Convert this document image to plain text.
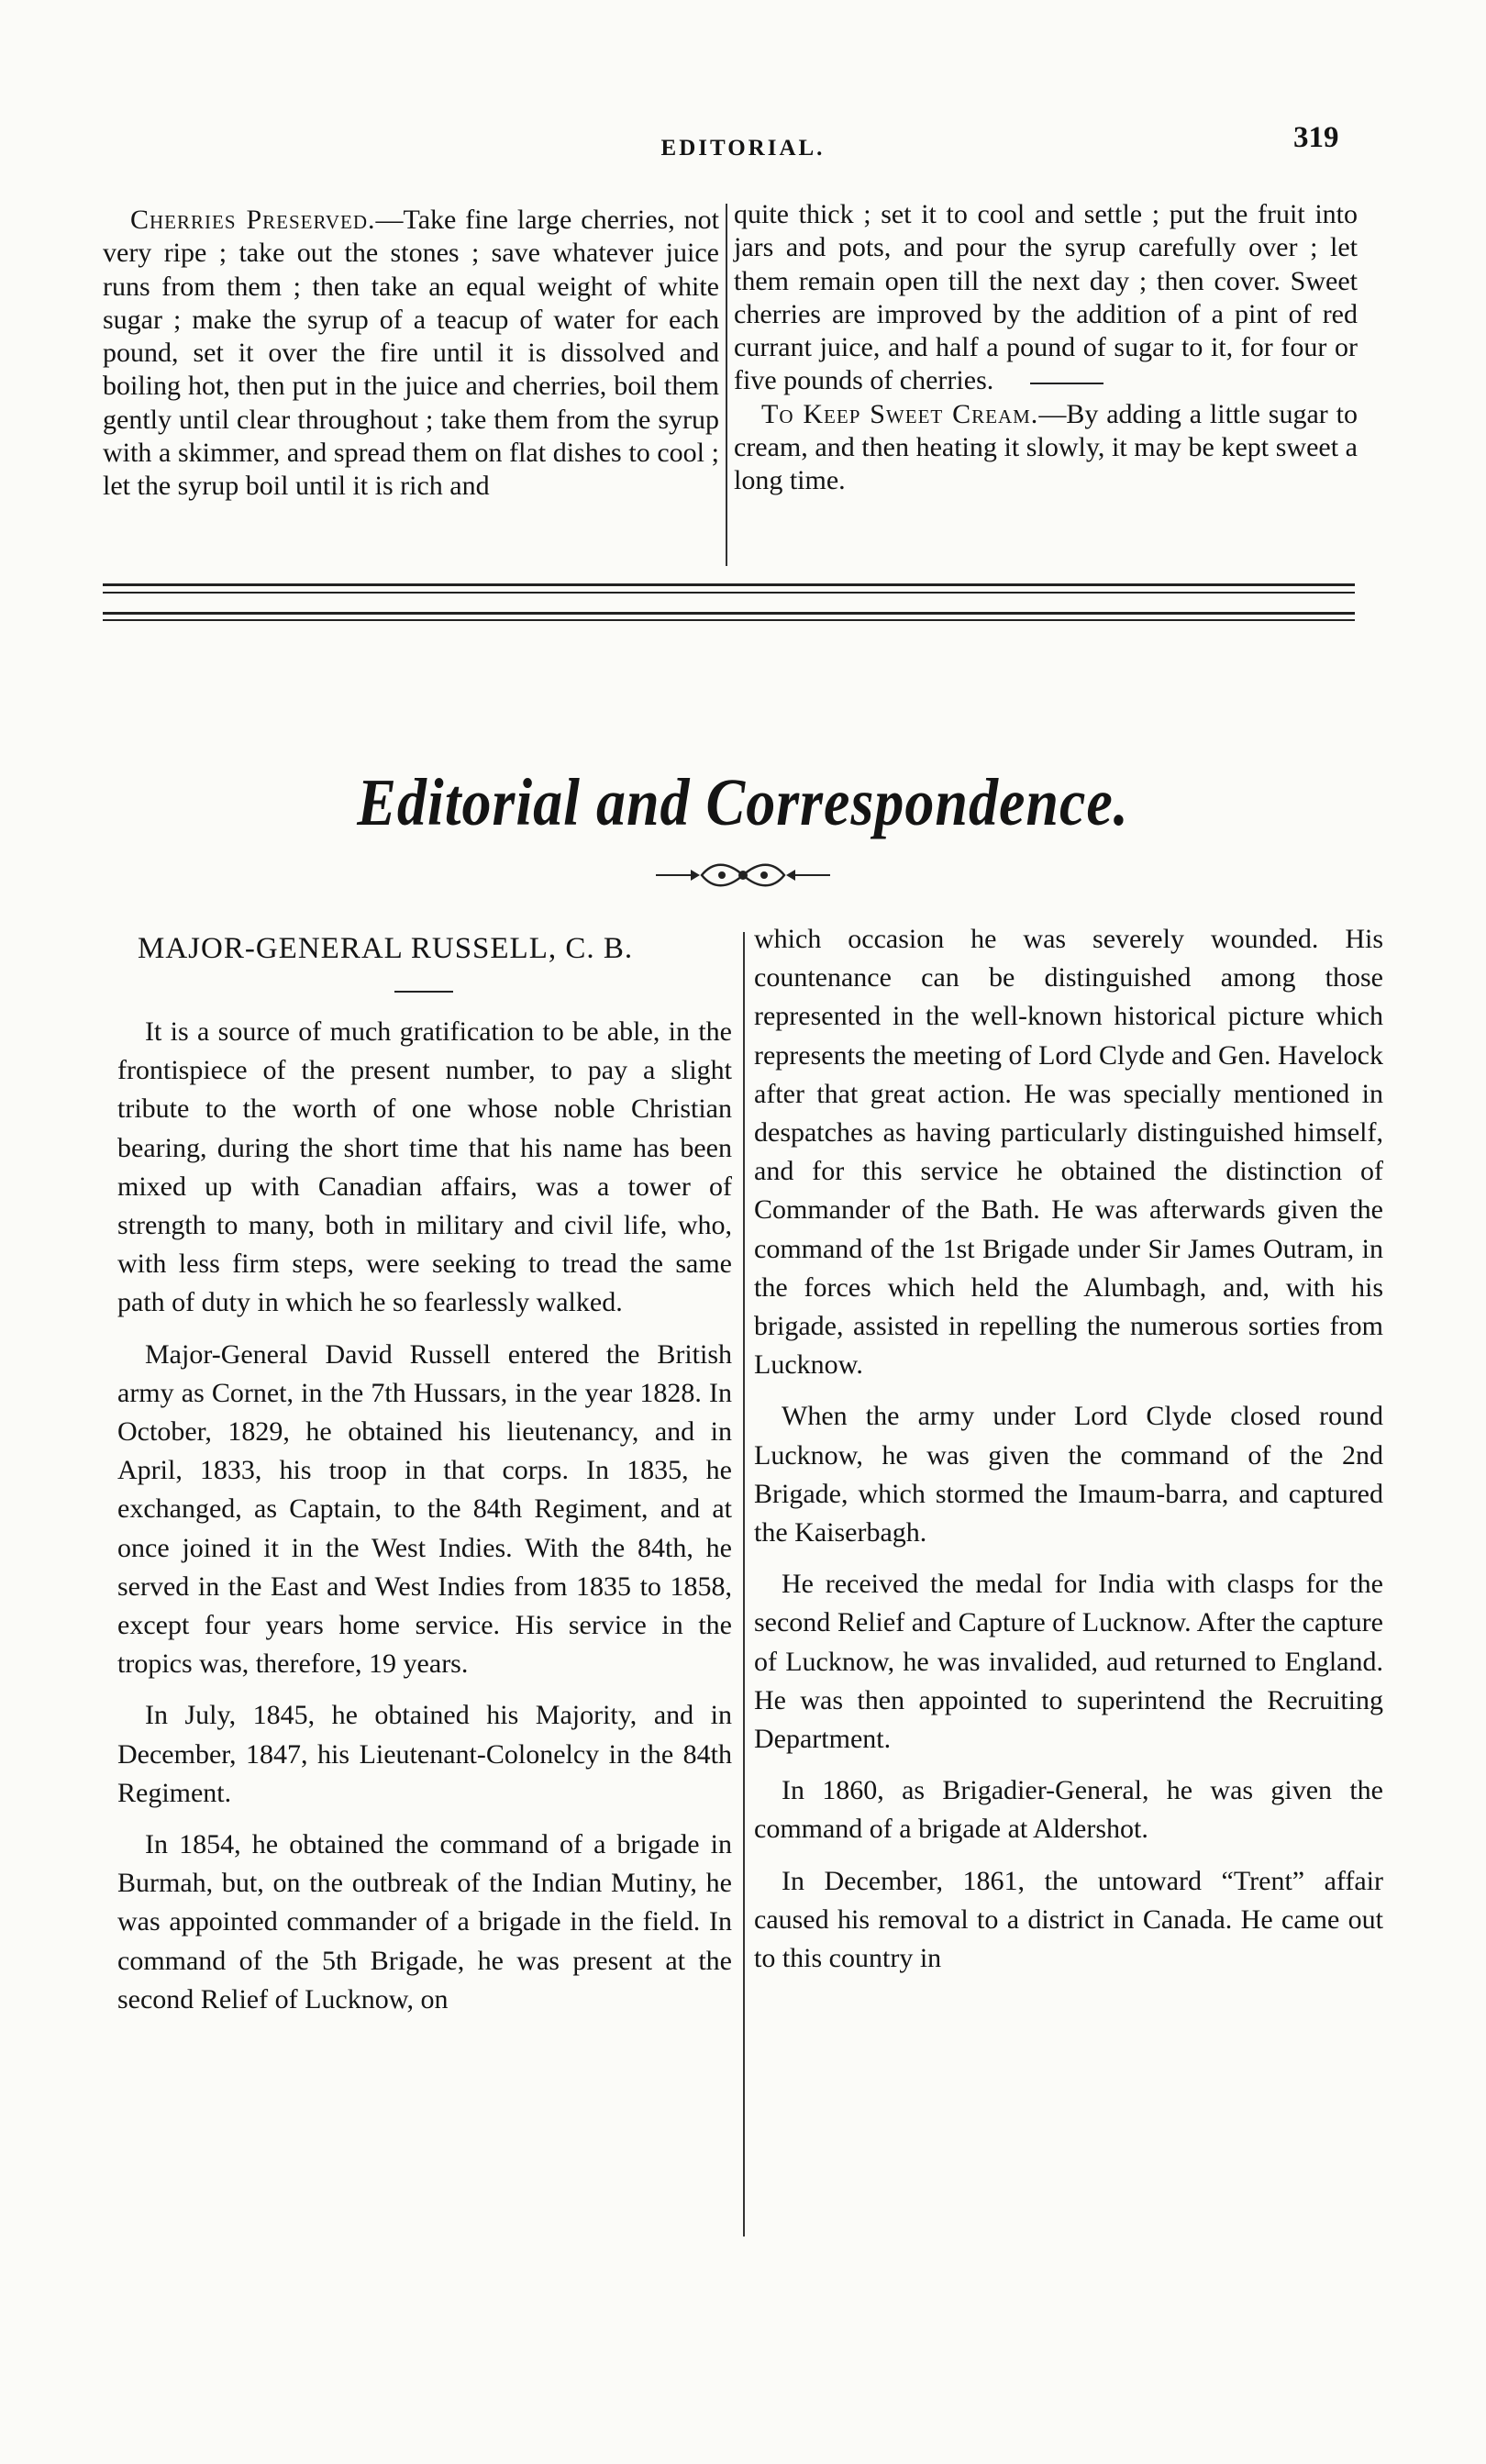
EDITORIAL.	319

Cherries Preserved.—Take fine large cherries, not very ripe ; take out the stones ; save whatever juice runs from them ; then take an equal weight of white sugar ; make the syrup of a teacup of water for each pound, set it over the fire until it is dissolved and boiling hot, then put in the juice and cherries, boil them gently until clear throughout ; take them from the syrup with a skimmer, and spread them on flat dishes to cool ; let the syrup boil until it is rich and

quite thick ; set it to cool and settle ; put the fruit into jars and pots, and pour the syrup carefully over ; let them remain open till the next day ; then cover. Sweet cherries are improved by the addition of a pint of red currant juice, and half a pound of sugar to it, for four or five pounds of cherries.

To Keep Sweet Cream.—By adding a little sugar to cream, and then heating it slowly, it may be kept sweet a long time.

Editorial and Correspondence.
MAJOR-GENERAL RUSSELL, C. B.

It is a source of much gratification to be able, in the frontispiece of the present number, to pay a slight tribute to the worth of one whose noble Christian bearing, during the short time that his name has been mixed up with Canadian affairs, was a tower of strength to many, both in military and civil life, who, with less firm steps, were seeking to tread the same path of duty in which he so fearlessly walked.

Major-General David Russell entered the British army as Cornet, in the 7th Hussars, in the year 1828. In October, 1829, he obtained his lieutenancy, and in April, 1833, his troop in that corps. In 1835, he exchanged, as Captain, to the 84th Regiment, and at once joined it in the West Indies. With the 84th, he served in the East and West Indies from 1835 to 1858, except four years home service. His service in the tropics was, therefore, 19 years.

In July, 1845, he obtained his Majority, and in December, 1847, his Lieutenant-Colonelcy in the 84th Regiment.

In 1854, he obtained the command of a brigade in Burmah, but, on the outbreak of the Indian Mutiny, he was appointed commander of a brigade in the field. In command of the 5th Brigade, he was present at the second Relief of Lucknow, on

which occasion he was severely wounded. His countenance can be distinguished among those represented in the well-known historical picture which represents the meeting of Lord Clyde and Gen. Havelock after that great action. He was specially mentioned in despatches as having particularly distinguished himself, and for this service he obtained the distinction of Commander of the Bath. He was afterwards given the command of the 1st Brigade under Sir James Outram, in the forces which held the Alumbagh, and, with his brigade, assisted in repelling the numerous sorties from Lucknow.

When the army under Lord Clyde closed round Lucknow, he was given the command of the 2nd Brigade, which stormed the Imaum-barra, and captured the Kaiserbagh.

He received the medal for India with clasps for the second Relief and Capture of Lucknow. After the capture of Lucknow, he was invalided, aud returned to England. He was then appointed to superintend the Recruiting Department.

In 1860, as Brigadier-General, he was given the command of a brigade at Aldershot.

In December, 1861, the untoward “Trent” affair caused his removal to a district in Canada. He came out to this country in
